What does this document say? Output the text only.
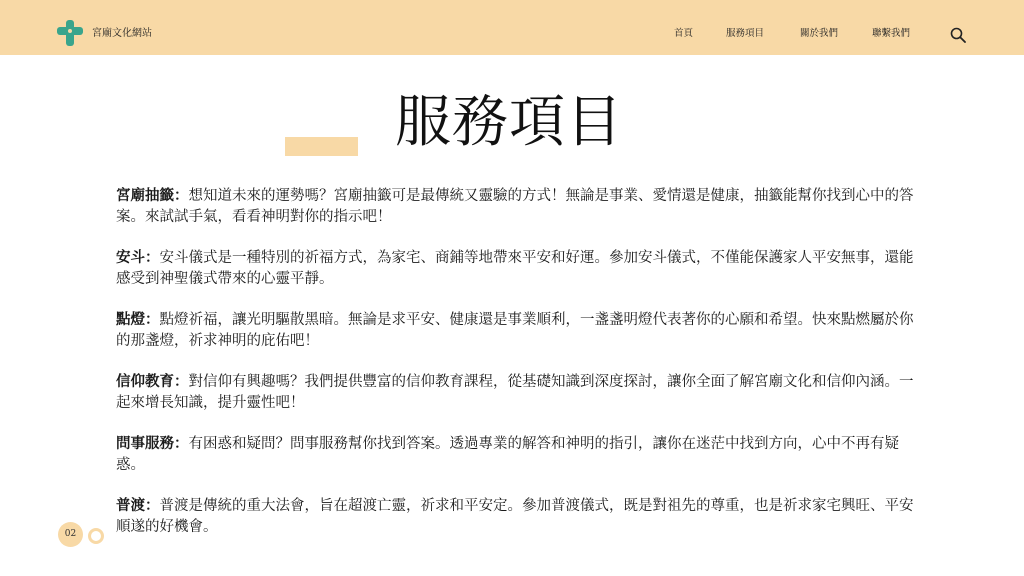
宮廟文化網站	首頁	服務項目	關於我們	聯繫我們
服務項目

宮廟抽籤：想知道未來的運勢嗎？宮廟抽籤可是最傳統又靈驗的方式！無論是事業、愛情還是健康，抽籤能幫你找到心中的答案。來試試手氣，看看神明對你的指示吧！

安斗：安斗儀式是一種特別的祈福方式，為家宅、商鋪等地帶來平安和好運。參加安斗儀式，不僅能保護家人平安無事，還能感受到神聖儀式帶來的心靈平靜。

點燈：點燈祈福，讓光明驅散黑暗。無論是求平安、健康還是事業順利，一盞盞明燈代表著你的心願和希望。快來點燃屬於你的那盞燈，祈求神明的庇佑吧！

信仰教育：對信仰有興趣嗎？我們提供豐富的信仰教育課程，從基礎知識到深度探討，讓你全面了解宮廟文化和信仰內涵。一起來增長知識，提升靈性吧！

問事服務：有困惑和疑問？問事服務幫你找到答案。透過專業的解答和神明的指引，讓你在迷茫中找到方向，心中不再有疑惑。

普渡：普渡是傳統的重大法會，旨在超渡亡靈，祈求和平安定。參加普渡儀式，既是對祖先的尊重，也是祈求家宅興旺、平安順遂的好機會。

02
